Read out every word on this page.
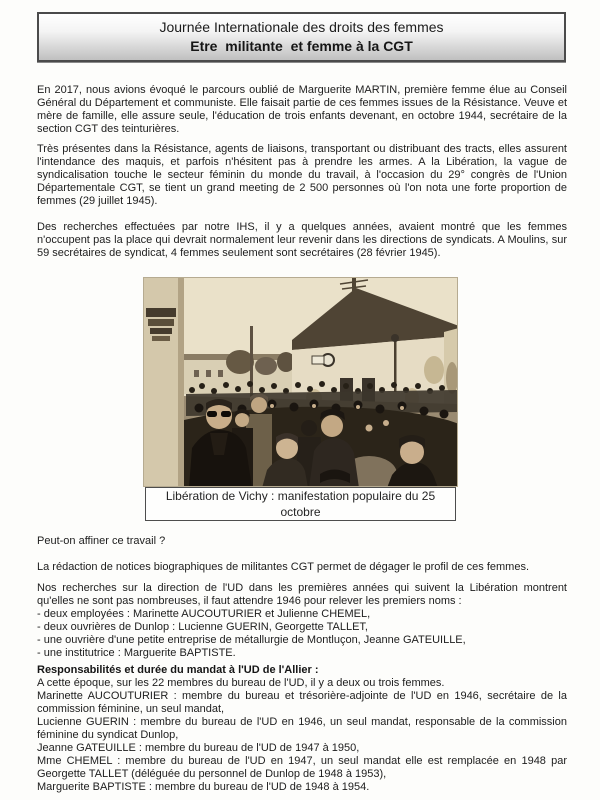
Journée Internationale des droits des femmes
Etre  militante  et femme à la CGT

En 2017, nous avions évoqué le parcours oublié de Marguerite MARTIN, première femme élue au Conseil Général du Département et communiste. Elle faisait partie de ces femmes issues de la Résistance. Veuve et mère de famille, elle assure seule, l'éducation de trois enfants devenant, en octobre 1944, secrétaire de la section CGT des teinturières.

Très présentes dans la Résistance, agents de liaisons, transportant ou distribuant des tracts, elles assurent l'intendance des maquis, et parfois n'hésitent pas à prendre les armes. A la Libération, la vague de syndicalisation touche le secteur féminin du monde du travail, à l'occasion du 29° congrès de l'Union Départementale CGT, se tient un grand meeting de 2 500 personnes où l'on nota une forte proportion de femmes (29 juillet 1945).

Des recherches effectuées par notre IHS, il y a quelques années, avaient montré que les femmes n'occupent pas la place qui devrait normalement leur revenir dans les directions de syndicats. A Moulins, sur 59 secrétaires de syndicat, 4 femmes seulement sont secrétaires (28 février 1945).

Libération de Vichy : manifestation populaire du 25 octobre

Peut-on affiner ce travail ?

La rédaction de notices biographiques de militantes CGT permet de dégager le profil de ces femmes.

Nos recherches sur la direction de l'UD dans les premières années qui suivent la Libération montrent qu'elles ne sont pas nombreuses, il faut attendre 1946 pour relever les premiers noms :
- deux employées : Marinette AUCOUTURIER et Julienne CHEMEL,
- deux ouvrières de Dunlop : Lucienne GUERIN, Georgette TALLET,
- une ouvrière d'une petite entreprise de métallurgie de Montluçon, Jeanne GATEUILLE,
- une institutrice : Marguerite BAPTISTE.
Responsabilités et durée du mandat à l'UD de l'Allier :
A cette époque, sur les 22 membres du bureau de l'UD, il y a deux ou trois femmes.
Marinette AUCOUTURIER : membre du bureau et trésorière-adjointe de l'UD en 1946, secrétaire de la commission féminine, un seul mandat,
Lucienne GUERIN : membre du bureau de l'UD en 1946, un seul mandat, responsable de la commission féminine du syndicat Dunlop,
Jeanne GATEUILLE : membre du bureau de l'UD de 1947 à 1950,
Mme CHEMEL : membre du bureau de l'UD en 1947, un seul mandat elle est remplacée en 1948 par Georgette TALLET (déléguée du personnel de Dunlop de 1948 à 1953),
Marguerite BAPTISTE : membre du bureau de l'UD de 1948 à 1954.
